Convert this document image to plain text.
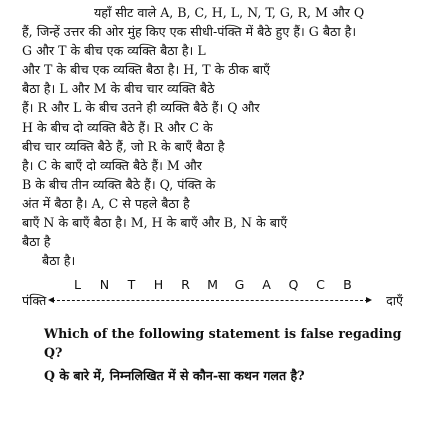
यहाँ सीट वाले A, B, C, H, L, N, T, G, R, M और Q
हैं, जिन्हें उत्तर की ओर मुंह किए एक सीधी-पंक्ति में बैठे हुए हैं। G बैठा है।
G और T के बीच एक व्यक्ति बैठा है। L
और T के बीच एक व्यक्ति बैठा है। H, T के ठीक बाएँ
बैठा है। L और M के बीच चार व्यक्ति बैठे
हैं। R और L के बीच उतने ही व्यक्ति बैठे हैं। Q और
H के बीच दो व्यक्ति बैठे हैं। R और C के
बीच चार व्यक्ति बैठे हैं, जो R के बाएँ बैठा है
है। C के बाएँ दो व्यक्ति बैठे हैं। M और
B के बीच तीन व्यक्ति बैठे हैं। Q, पंक्ति के
अंत में बैठा है। A, C से पहले बैठा है
बाएँ N के बाएँ बैठा है। M, H के बाएँ और B, N के बाएँ
बैठा है
बैठा है।

L	N	T	H	R	M	G	A	Q	C	B
पंक्ति	दाएँ
Which of the following statement is false regading Q?
Q के बारे में, निम्नलिखित में से कौन-सा कथन गलत है?
